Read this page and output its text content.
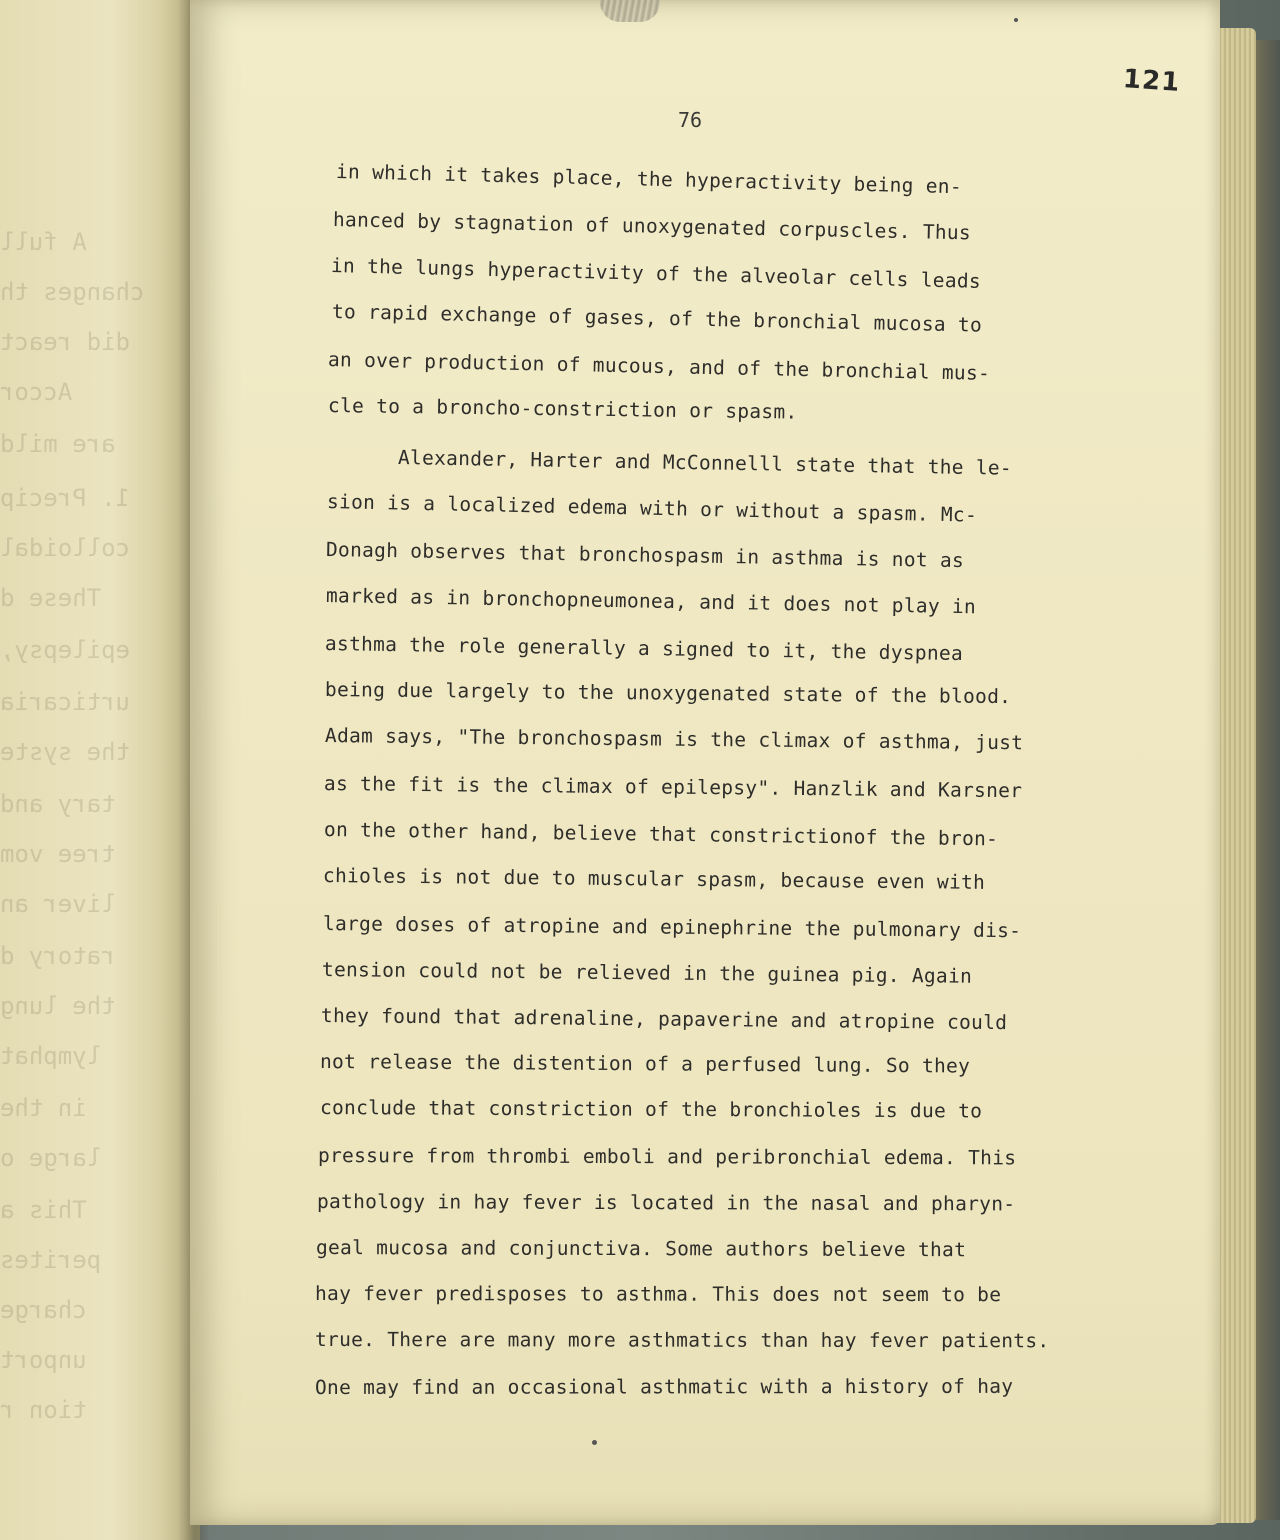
A full
changes th
did react
Accor
are mild
1. Precip
colloidal
These d
epilepsy,
urticaria
the syste
tary and
tree vom
liver an
ratory d
the lung
lymphat
in the
large o
This a
perites
charge
unport
tion r
121
76
in which it takes place, the hyperactivity being en-
hanced by stagnation of unoxygenated corpuscles. Thus
in the lungs hyperactivity of the alveolar cells leads
to rapid exchange of gases, of the bronchial mucosa to
an over production of mucous, and of the bronchial mus-
cle to a broncho-constriction or spasm.
Alexander, Harter and McConnelll state that the le-
sion is a localized edema with or without a spasm. Mc-
Donagh observes that bronchospasm in asthma is not as
marked as in bronchopneumonea, and it does not play in
asthma the role generally a signed to it, the dyspnea
being due largely to the unoxygenated state of the blood.
Adam says, "The bronchospasm is the climax of asthma, just
as the fit is the climax of epilepsy". Hanzlik and Karsner
on the other hand, believe that constrictionof the bron-
chioles is not due to muscular spasm, because even with
large doses of atropine and epinephrine the pulmonary dis-
tension could not be relieved in the guinea pig. Again
they found that adrenaline, papaverine and atropine could
not release the distention of a perfused lung. So they
conclude that constriction of the bronchioles is due to
pressure from thrombi emboli and peribronchial edema. This
pathology in hay fever is located in the nasal and pharyn-
geal mucosa and conjunctiva. Some authors believe that
hay fever predisposes to asthma. This does not seem to be
true. There are many more asthmatics than hay fever patients.
One may find an occasional asthmatic with a history of hay
